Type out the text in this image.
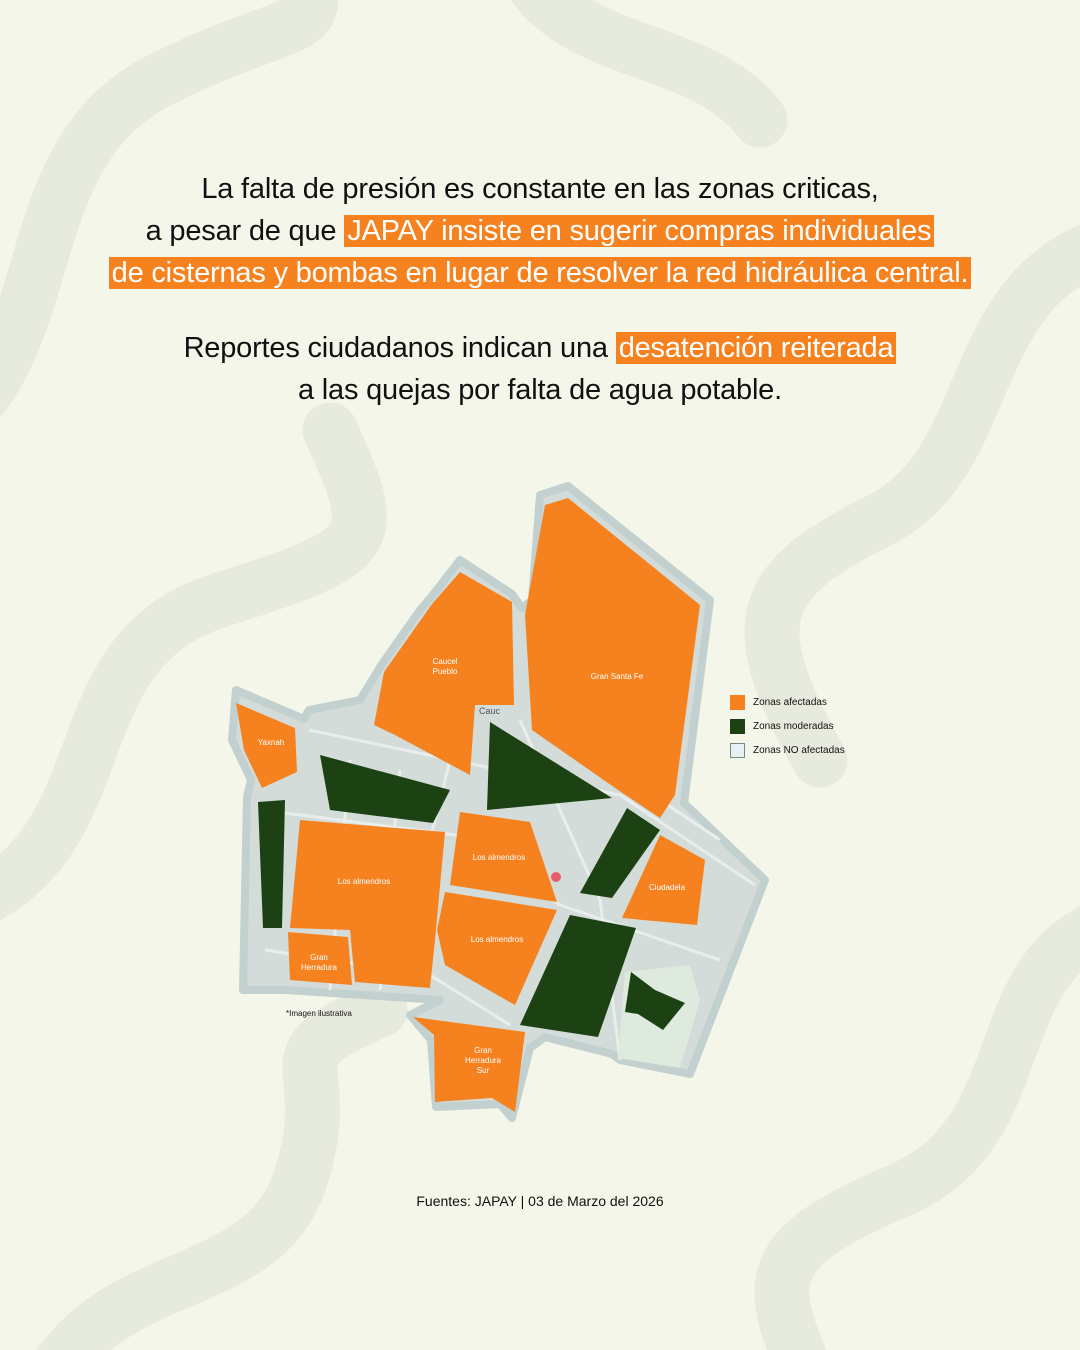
La falta de presión es constante en las zonas criticas,
a pesar de que JAPAY insiste en sugerir compras individuales
de cisternas y bombas en lugar de resolver la red hidráulica central.
Reportes ciudadanos indican una desatención reiterada
a las quejas por falta de agua potable.
Gran Santa Fe
Caucel Pueblo
Yaxnah
Los almendros
Los almendros
Los almendros
Ciudadela
Gran Herradura
Gran Herradura Sur
Cauc
Zonas afectadas
Zonas moderadas
Zonas NO afectadas
*Imagen ilustrativa
Fuentes: JAPAY | 03 de Marzo del 2026
